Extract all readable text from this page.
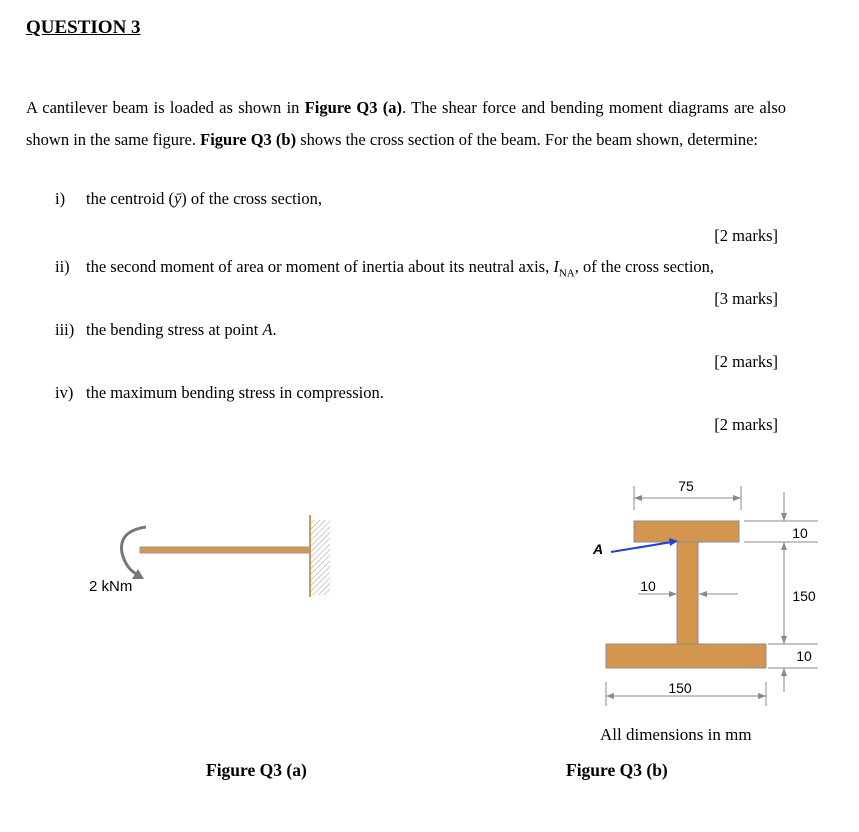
QUESTION 3
A cantilever beam is loaded as shown in Figure Q3 (a). The shear force and bending moment diagrams are also shown in the same figure. Figure Q3 (b) shows the cross section of the beam. For the beam shown, determine:
i) the centroid (ȳ) of the cross section,
[2 marks]
ii) the second moment of area or moment of inertia about its neutral axis, $I_{NA}$, of the cross section,
[3 marks]
iii) the bending stress at point A.
[2 marks]
iv) the maximum bending stress in compression.
[2 marks]
2 kNm
Figure Q3 (a)
75
A
10
10
150
10
150
All dimensions in mm
Figure Q3 (b)
